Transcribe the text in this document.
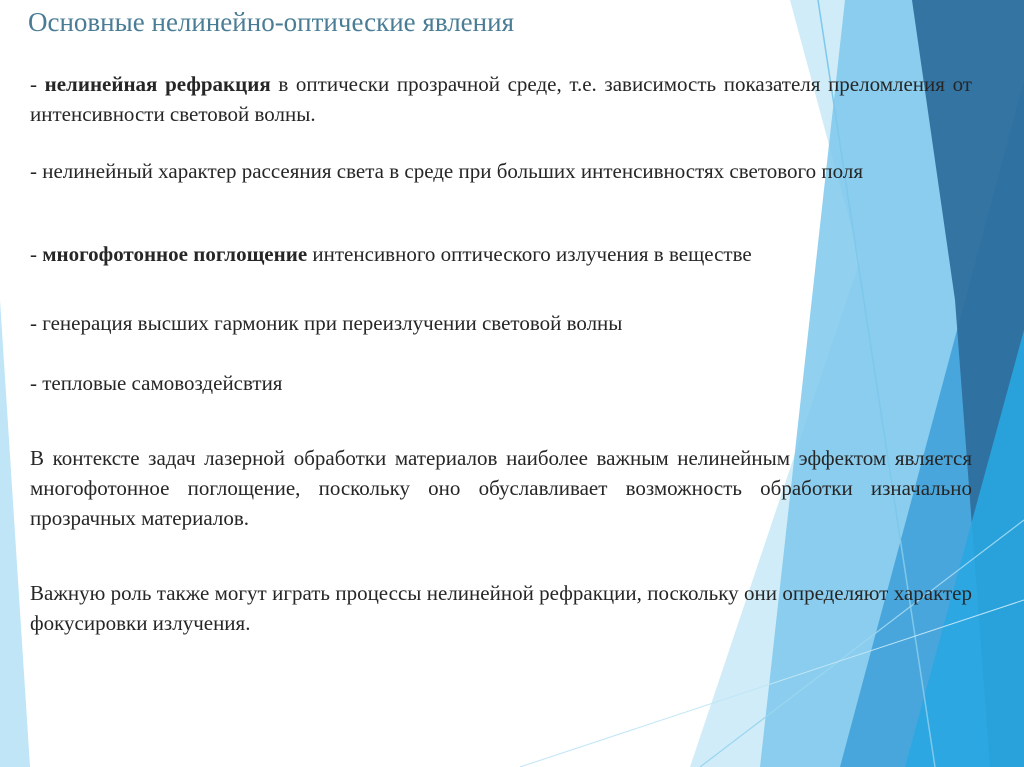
Основные нелинейно-оптические явления
- нелинейная рефракция в оптически прозрачной среде, т.е. зависимость показателя преломления от интенсивности световой волны.
- нелинейный характер рассеяния света в среде при больших интенсивностях светового поля
- многофотонное поглощение интенсивного оптического излучения в веществе
- генерация высших гармоник при переизлучении световой волны
- тепловые самовоздейсвтия
В контексте задач лазерной обработки материалов наиболее важным нелинейным эффектом является многофотонное поглощение, поскольку оно обуславливает возможность обработки изначально прозрачных материалов.
Важную роль также могут играть процессы нелинейной рефракции, поскольку они определяют характер фокусировки излучения.
